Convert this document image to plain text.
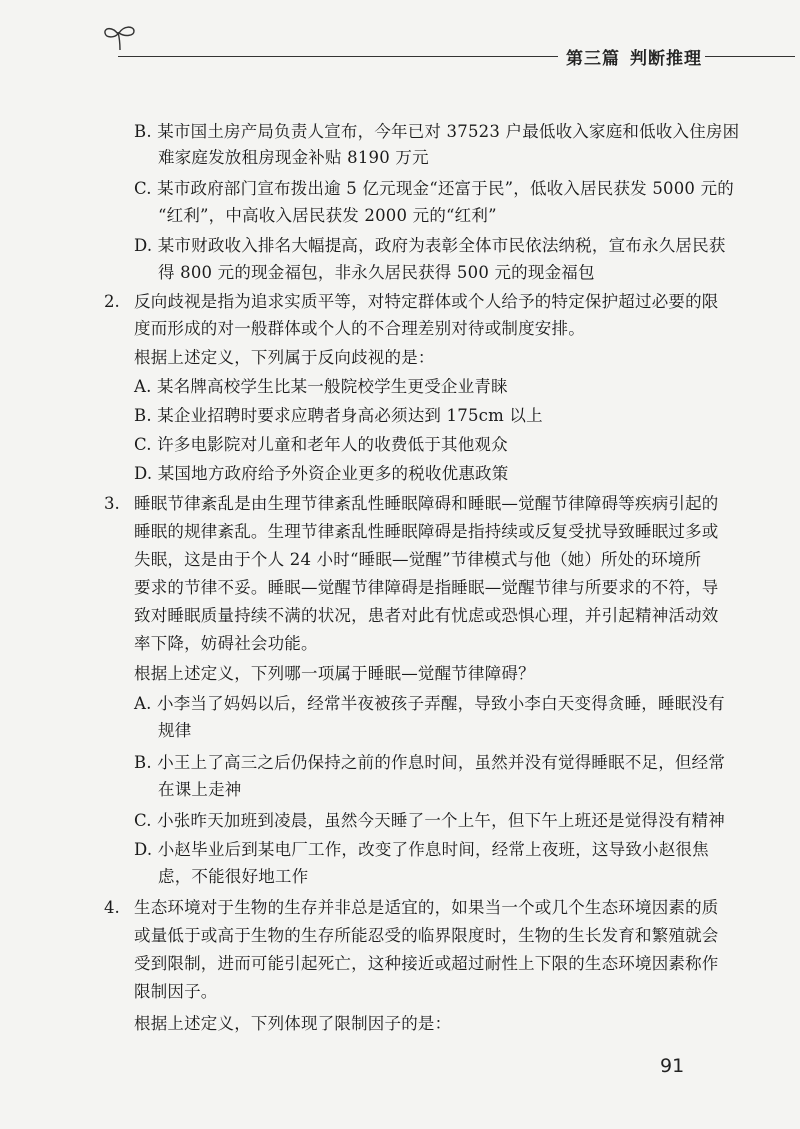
第三篇 判断推理
B. 某市国土房产局负责人宣布，今年已对 37523 户最低收入家庭和低收入住房困
难家庭发放租房现金补贴 8190 万元
C. 某市政府部门宣布拨出逾 5 亿元现金“还富于民”，低收入居民获发 5000 元的
“红利”，中高收入居民获发 2000 元的“红利”
D. 某市财政收入排名大幅提高，政府为表彰全体市民依法纳税，宣布永久居民获
得 800 元的现金福包，非永久居民获得 500 元的现金福包
2. 反向歧视是指为追求实质平等，对特定群体或个人给予的特定保护超过必要的限
度而形成的对一般群体或个人的不合理差别对待或制度安排。
根据上述定义，下列属于反向歧视的是：
A. 某名牌高校学生比某一般院校学生更受企业青睐
B. 某企业招聘时要求应聘者身高必须达到 175cm 以上
C. 许多电影院对儿童和老年人的收费低于其他观众
D. 某国地方政府给予外资企业更多的税收优惠政策
3. 睡眠节律紊乱是由生理节律紊乱性睡眠障碍和睡眠—觉醒节律障碍等疾病引起的
睡眠的规律紊乱。生理节律紊乱性睡眠障碍是指持续或反复受扰导致睡眠过多或
失眠，这是由于个人 24 小时“睡眠—觉醒”节律模式与他（她）所处的环境所
要求的节律不妥。睡眠—觉醒节律障碍是指睡眠—觉醒节律与所要求的不符，导
致对睡眠质量持续不满的状况，患者对此有忧虑或恐惧心理，并引起精神活动效
率下降，妨碍社会功能。
根据上述定义，下列哪一项属于睡眠—觉醒节律障碍？
A. 小李当了妈妈以后，经常半夜被孩子弄醒，导致小李白天变得贪睡，睡眠没有
规律
B. 小王上了高三之后仍保持之前的作息时间，虽然并没有觉得睡眠不足，但经常
在课上走神
C. 小张昨天加班到凌晨，虽然今天睡了一个上午，但下午上班还是觉得没有精神
D. 小赵毕业后到某电厂工作，改变了作息时间，经常上夜班，这导致小赵很焦
虑，不能很好地工作
4. 生态环境对于生物的生存并非总是适宜的，如果当一个或几个生态环境因素的质
或量低于或高于生物的生存所能忍受的临界限度时，生物的生长发育和繁殖就会
受到限制，进而可能引起死亡，这种接近或超过耐性上下限的生态环境因素称作
限制因子。
根据上述定义，下列体现了限制因子的是：
91
